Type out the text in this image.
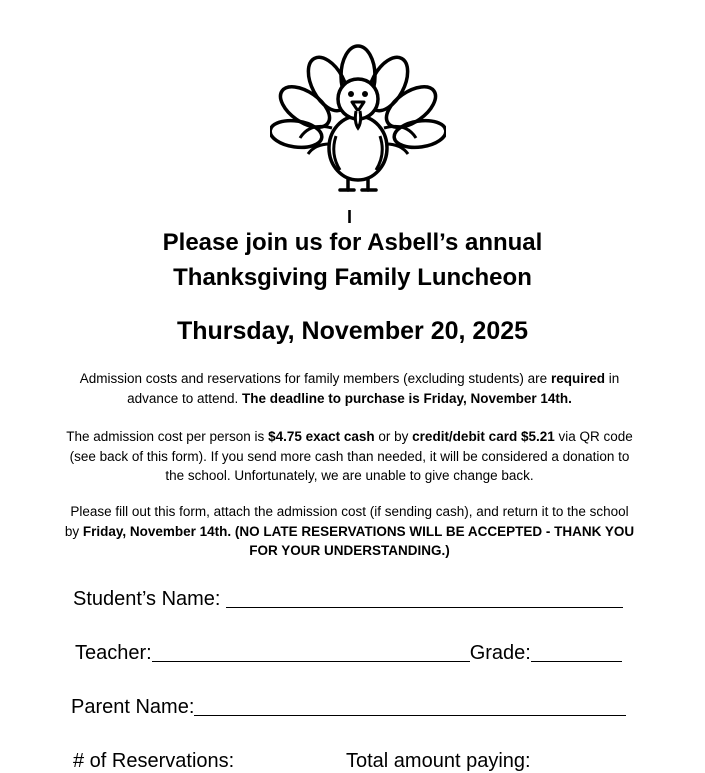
I
Please join us for Asbell’s annual
Thanksgiving Family Luncheon
Thursday, November 20, 2025

Admission costs and reservations for family members (excluding students) are required in advance to attend. The deadline to purchase is Friday, November 14th.

The admission cost per person is $4.75 exact cash or by credit/debit card $5.21 via QR code (see back of this form). If you send more cash than needed, it will be considered a donation to the school. Unfortunately, we are unable to give change back.

Please fill out this form, attach the admission cost (if sending cash), and return it to the school by Friday, November 14th. (NO LATE RESERVATIONS WILL BE ACCEPTED - THANK YOU FOR YOUR UNDERSTANDING.)

Student’s Name:
Teacher:	Grade:
Parent Name:
# of Reservations:	Total amount paying:
